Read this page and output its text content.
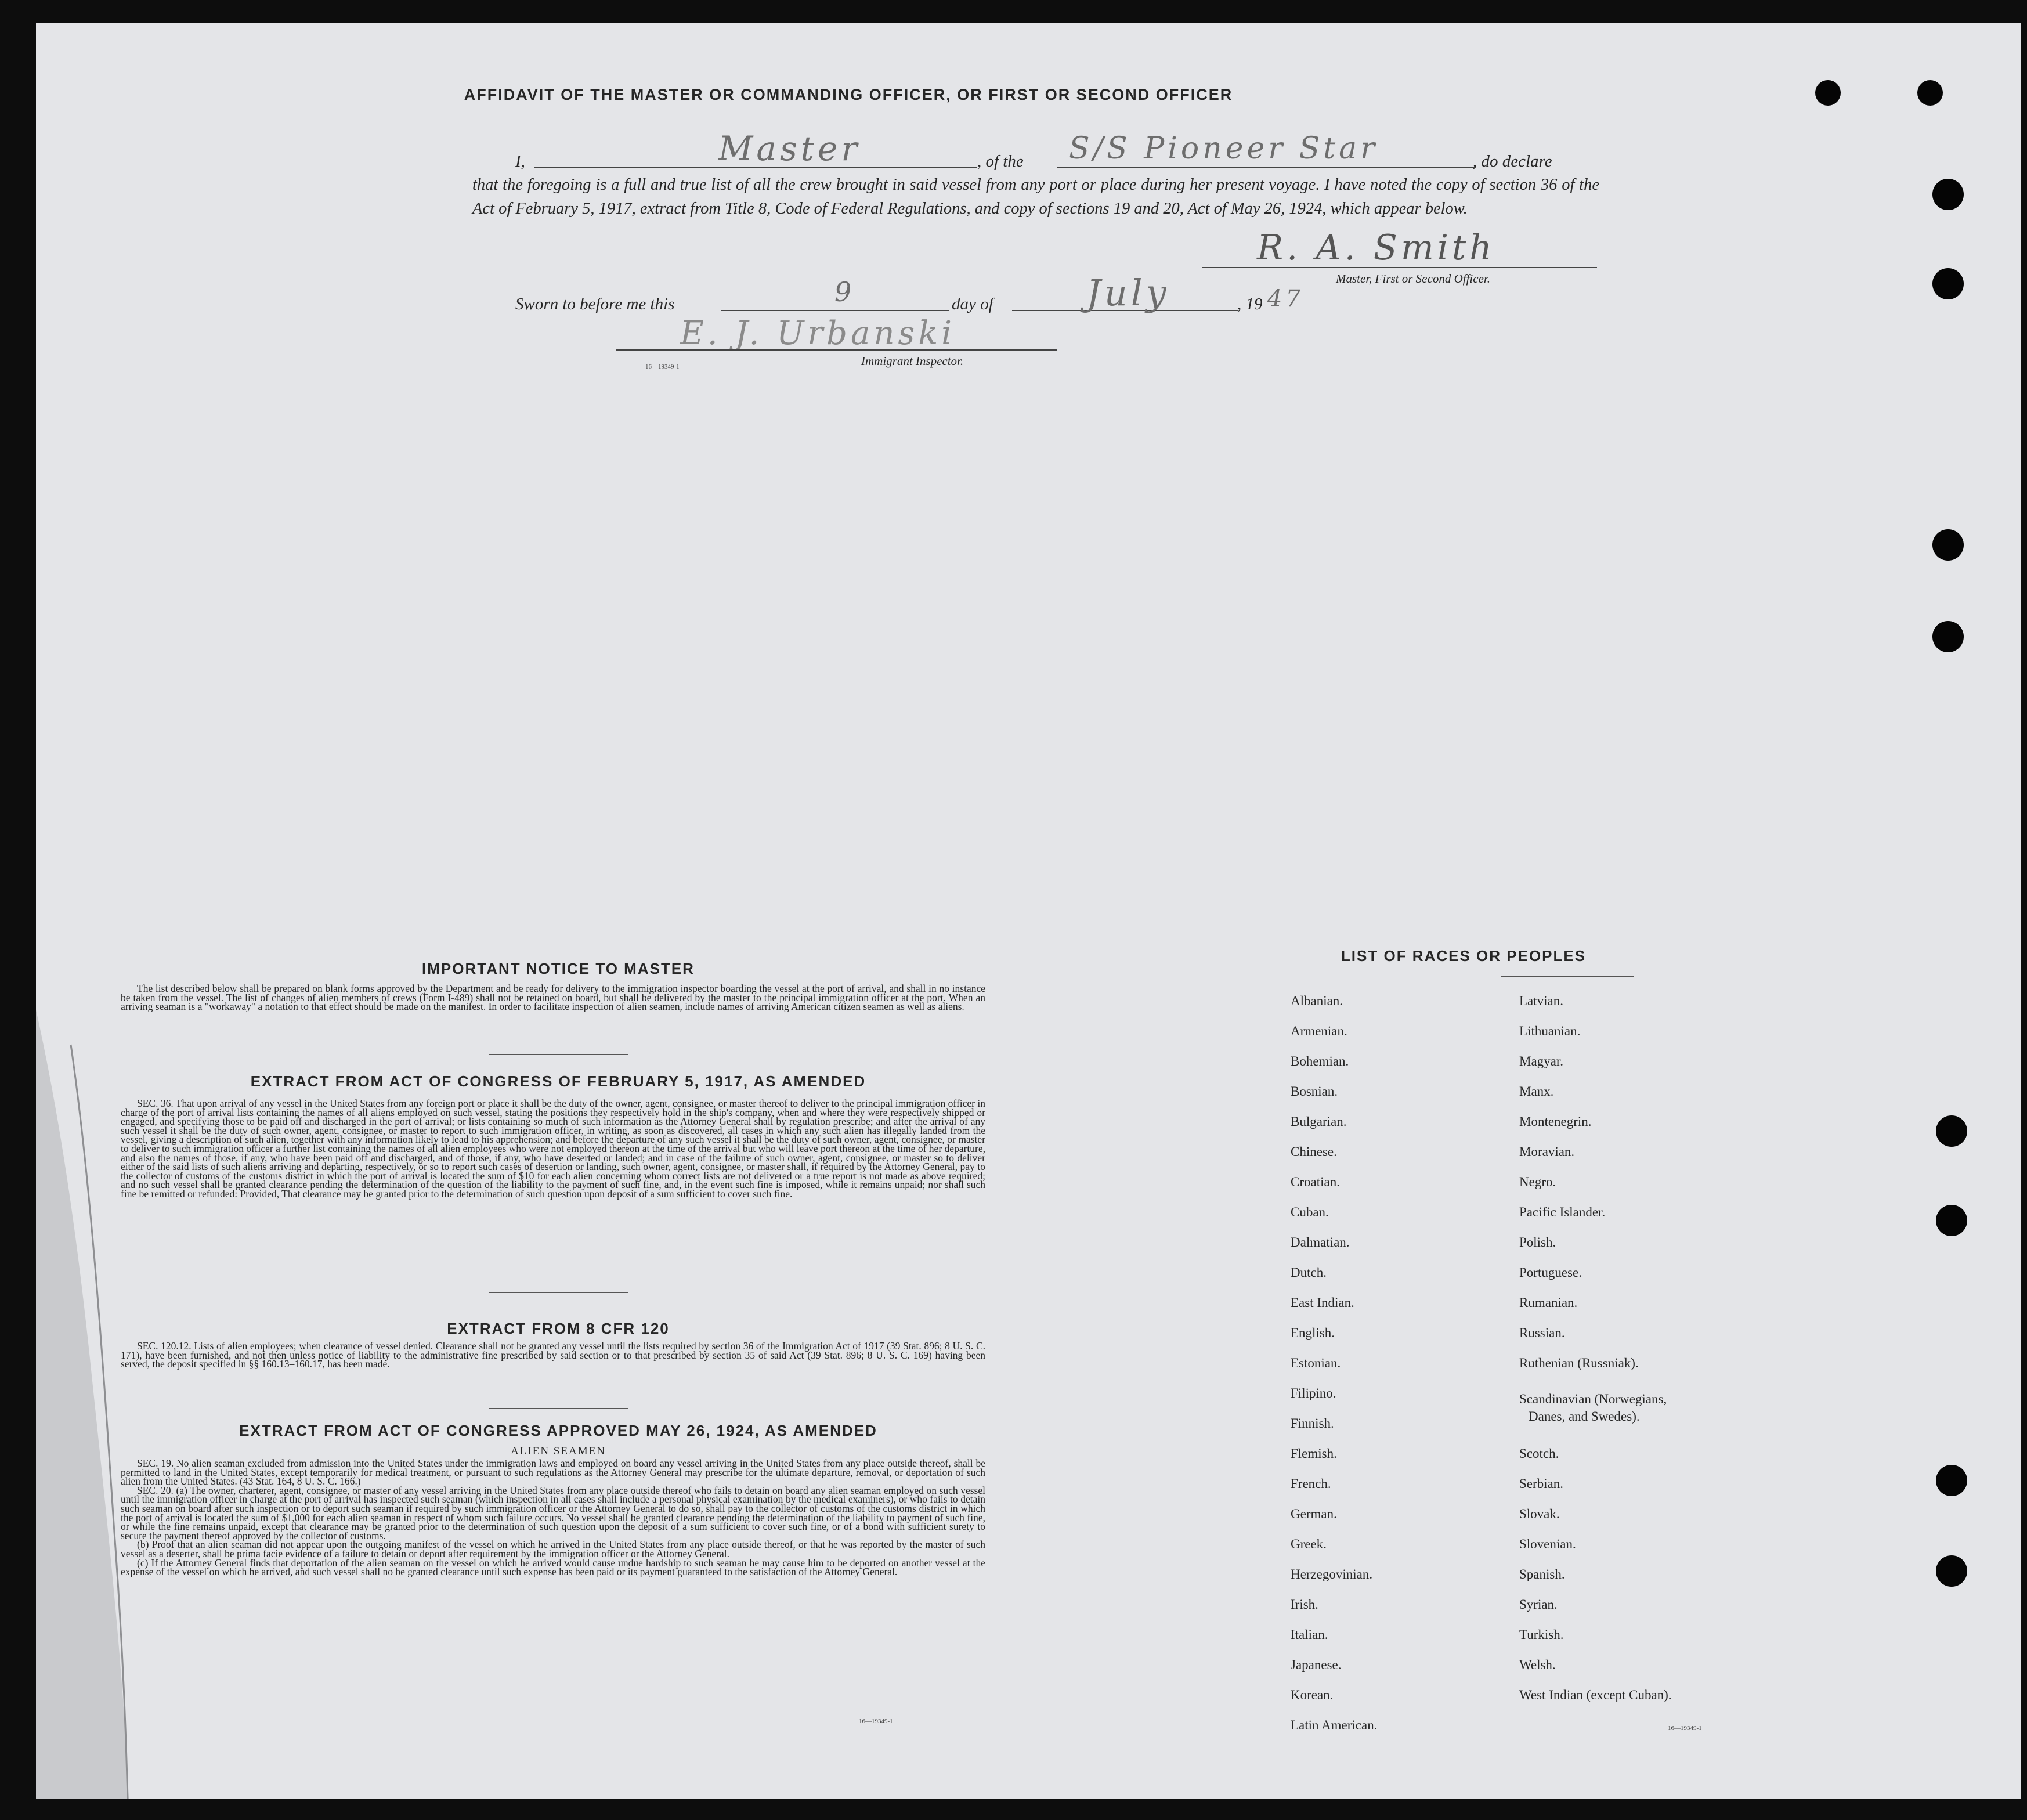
AFFIDAVIT OF THE MASTER OR COMMANDING OFFICER, OR FIRST OR SECOND OFFICER
I,	Master	, of the S/S Pioneer Star	, do declare
that the foregoing is a full and true list of all the crew brought in said vessel from any port or place during her present voyage. I have noted the copy of section 36 of the Act of February 5, 1917, extract from Title 8, Code of Federal Regulations, and copy of sections 19 and 20, Act of May 26, 1924, which appear below.
R. A. Smith
Master, First or Second Officer.
Sworn to before me this	9	day of	July	, 19 47
E. J. Urbanski
16—19349-1	Immigrant Inspector.
IMPORTANT NOTICE TO MASTER

The list described below shall be prepared on blank forms approved by the Department and be ready for delivery to the immigration inspector boarding the vessel at the port of arrival, and shall in no instance be taken from the vessel. The list of changes of alien members of crews (Form I-489) shall not be retained on board, but shall be delivered by the master to the principal immigration officer at the port. When an arriving seaman is a "workaway" a notation to that effect should be made on the manifest. In order to facilitate inspection of alien seamen, include names of arriving American citizen seamen as well as aliens.

EXTRACT FROM ACT OF CONGRESS OF FEBRUARY 5, 1917, AS AMENDED

SEC. 36. That upon arrival of any vessel in the United States from any foreign port or place it shall be the duty of the owner, agent, consignee, or master thereof to deliver to the principal immigration officer in charge of the port of arrival lists containing the names of all aliens employed on such vessel, stating the positions they respectively hold in the ship's company, when and where they were respectively shipped or engaged, and specifying those to be paid off and discharged in the port of arrival; or lists containing so much of such information as the Attorney General shall by regulation prescribe; and after the arrival of any such vessel it shall be the duty of such owner, agent, consignee, or master to report to such immigration officer, in writing, as soon as discovered, all cases in which any such alien has illegally landed from the vessel, giving a description of such alien, together with any information likely to lead to his apprehension; and before the departure of any such vessel it shall be the duty of such owner, agent, consignee, or master to deliver to such immigration officer a further list containing the names of all alien employees who were not employed thereon at the time of the arrival but who will leave port thereon at the time of her departure, and also the names of those, if any, who have been paid off and discharged, and of those, if any, who have deserted or landed; and in case of the failure of such owner, agent, consignee, or master so to deliver either of the said lists of such aliens arriving and departing, respectively, or so to report such cases of desertion or landing, such owner, agent, consignee, or master shall, if required by the Attorney General, pay to the collector of customs of the customs district in which the port of arrival is located the sum of $10 for each alien concerning whom correct lists are not delivered or a true report is not made as above required; and no such vessel shall be granted clearance pending the determination of the question of the liability to the payment of such fine, and, in the event such fine is imposed, while it remains unpaid; nor shall such fine be remitted or refunded: Provided, That clearance may be granted prior to the determination of such question upon deposit of a sum sufficient to cover such fine.

EXTRACT FROM 8 CFR 120

SEC. 120.12. Lists of alien employees; when clearance of vessel denied. Clearance shall not be granted any vessel until the lists required by section 36 of the Immigration Act of 1917 (39 Stat. 896; 8 U. S. C. 171), have been furnished, and not then unless notice of liability to the administrative fine prescribed by said section or to that prescribed by section 35 of said Act (39 Stat. 896; 8 U. S. C. 169) having been served, the deposit specified in §§ 160.13–160.17, has been made.

EXTRACT FROM ACT OF CONGRESS APPROVED MAY 26, 1924, AS AMENDED
ALIEN SEAMEN

SEC. 19. No alien seaman excluded from admission into the United States under the immigration laws and employed on board any vessel arriving in the United States from any place outside thereof, shall be permitted to land in the United States, except temporarily for medical treatment, or pursuant to such regulations as the Attorney General may prescribe for the ultimate departure, removal, or deportation of such alien from the United States. (43 Stat. 164, 8 U. S. C. 166.)

SEC. 20. (a) The owner, charterer, agent, consignee, or master of any vessel arriving in the United States from any place outside thereof who fails to detain on board any alien seaman employed on such vessel until the immigration officer in charge at the port of arrival has inspected such seaman (which inspection in all cases shall include a personal physical examination by the medical examiners), or who fails to detain such seaman on board after such inspection or to deport such seaman if required by such immigration officer or the Attorney General to do so, shall pay to the collector of customs of the customs district in which the port of arrival is located the sum of $1,000 for each alien seaman in respect of whom such failure occurs. No vessel shall be granted clearance pending the determination of the liability to payment of such fine, or while the fine remains unpaid, except that clearance may be granted prior to the determination of such question upon the deposit of a sum sufficient to cover such fine, or of a bond with sufficient surety to secure the payment thereof approved by the collector of customs.

(b) Proof that an alien seaman did not appear upon the outgoing manifest of the vessel on which he arrived in the United States from any place outside thereof, or that he was reported by the master of such vessel as a deserter, shall be prima facie evidence of a failure to detain or deport after requirement by the immigration officer or the Attorney General.

(c) If the Attorney General finds that deportation of the alien seaman on the vessel on which he arrived would cause undue hardship to such seaman he may cause him to be deported on another vessel at the expense of the vessel on which he arrived, and such vessel shall no be granted clearance until such expense has been paid or its payment guaranteed to the satisfaction of the Attorney General.

16—19349-1
LIST OF RACES OR PEOPLES
Albanian.
Armenian.
Bohemian.
Bosnian.
Bulgarian.
Chinese.
Croatian.
Cuban.
Dalmatian.
Dutch.
East Indian.
English.
Estonian.
Filipino.
Finnish.
Flemish.
French.
German.
Greek.
Herzegovinian.
Irish.
Italian.
Japanese.
Korean.
Latin American.
Latvian.
Lithuanian.
Magyar.
Manx.
Montenegrin.
Moravian.
Negro.
Pacific Islander.
Polish.
Portuguese.
Rumanian.
Russian.
Ruthenian (Russniak).
Scandinavian (Norwegians,
Danes, and Swedes).
Scotch.
Serbian.
Slovak.
Slovenian.
Spanish.
Syrian.
Turkish.
Welsh.
West Indian (except Cuban).
16—19349-1
